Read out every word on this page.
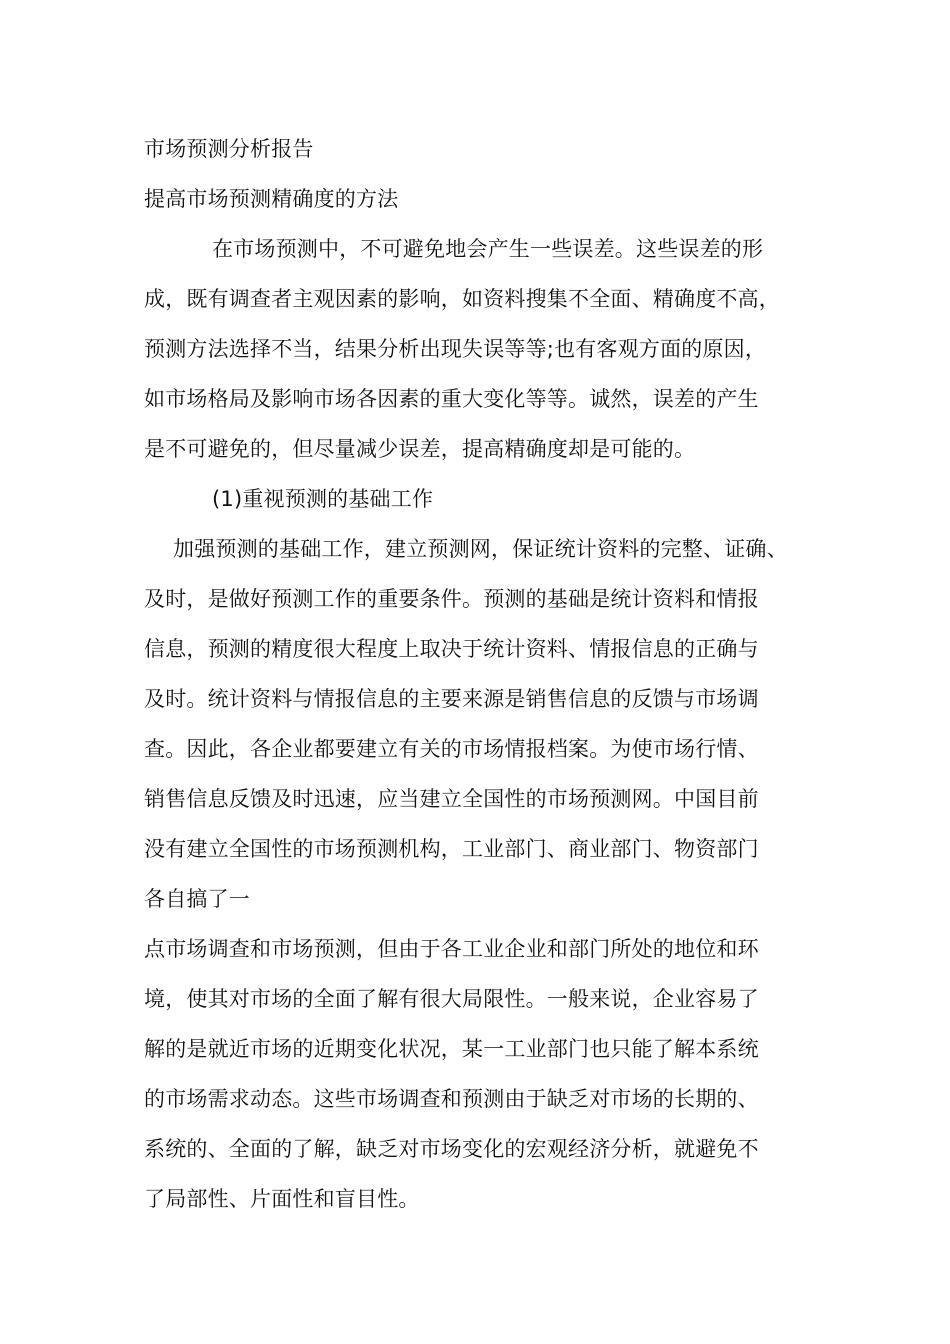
市场预测分析报告
提高市场预测精确度的方法
在市场预测中，不可避免地会产生一些误差。这些误差的形
成，既有调查者主观因素的影响，如资料搜集不全面、精确度不高，
预测方法选择不当，结果分析出现失误等等;也有客观方面的原因，
如市场格局及影响市场各因素的重大变化等等。诚然，误差的产生
是不可避免的，但尽量减少误差，提高精确度却是可能的。
(1)重视预测的基础工作
加强预测的基础工作，建立预测网，保证统计资料的完整、证确、
及时，是做好预测工作的重要条件。预测的基础是统计资料和情报
信息，预测的精度很大程度上取决于统计资料、情报信息的正确与
及时。统计资料与情报信息的主要来源是销售信息的反馈与市场调
查。因此，各企业都要建立有关的市场情报档案。为使市场行情、
销售信息反馈及时迅速，应当建立全国性的市场预测网。中国目前
没有建立全国性的市场预测机构，工业部门、商业部门、物资部门
各自搞了一
点市场调查和市场预测，但由于各工业企业和部门所处的地位和环
境，使其对市场的全面了解有很大局限性。一般来说，企业容易了
解的是就近市场的近期变化状况，某一工业部门也只能了解本系统
的市场需求动态。这些市场调查和预测由于缺乏对市场的长期的、
系统的、全面的了解，缺乏对市场变化的宏观经济分析，就避免不
了局部性、片面性和盲目性。
